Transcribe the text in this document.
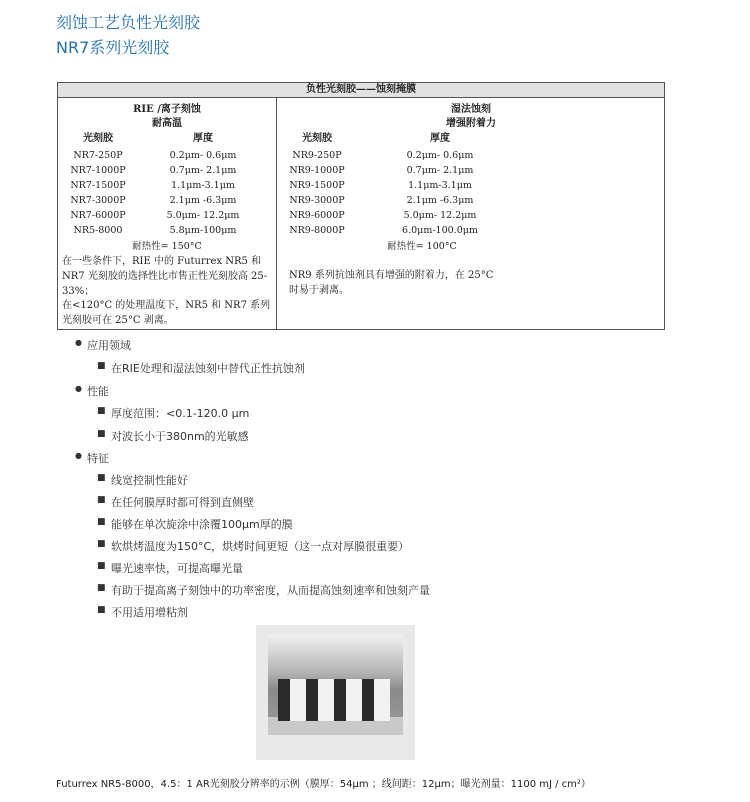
刻蚀工艺负性光刻胶
NR7系列光刻胶
负性光刻胶——蚀刻掩膜
RIE /离子刻蚀
耐高温
光刻胶	厚度
NR7-250P	0.2μm- 0.6μm
NR7-1000P	0.7μm- 2.1μm
NR7-1500P	1.1μm-3.1μm
NR7-3000P	2.1μm -6.3μm
NR7-6000P	5.0μm- 12.2μm
NR5-8000	5.8μm-100μm
耐热性= 150°C
在一些条件下，RIE 中的 Futurrex NR5 和 NR7 光刻胶的选择性比市售正性光刻胶高 25-33%；
在<120°C 的处理温度下，NR5 和 NR7 系列光刻胶可在 25°C 剥离。
湿法蚀刻
增强附着力
光刻胶	厚度
NR9-250P	0.2μm- 0.6μm
NR9-1000P	0.7μm- 2.1μm
NR9-1500P	1.1μm-3.1μm
NR9-3000P	2.1μm -6.3μm
NR9-6000P	5.0μm- 12.2μm
NR9-8000P	6.0μm-100.0μm
耐热性= 100°C
NR9 系列抗蚀剂具有增强的附着力，在 25°C 时易于剥离。
● 应用领域
■ 在RIE处理和湿法蚀刻中替代正性抗蚀剂
● 性能
■ 厚度范围：<0.1-120.0 μm
■ 对波长小于380nm的光敏感
● 特征
■ 线宽控制性能好
■ 在任何膜厚时都可得到直侧壁
■ 能够在单次旋涂中涂覆100μm厚的膜
■ 软烘烤温度为150°C，烘烤时间更短（这一点对厚膜很重要）
■ 曝光速率快，可提高曝光量
■ 有助于提高离子刻蚀中的功率密度，从而提高蚀刻速率和蚀刻产量
■ 不用适用增粘剂
Futurrex NR5-8000，4.5：1 AR光刻胶分辨率的示例（膜厚：54μm ；线间距：12μm；曝光剂量：1100 mJ / cm²）
